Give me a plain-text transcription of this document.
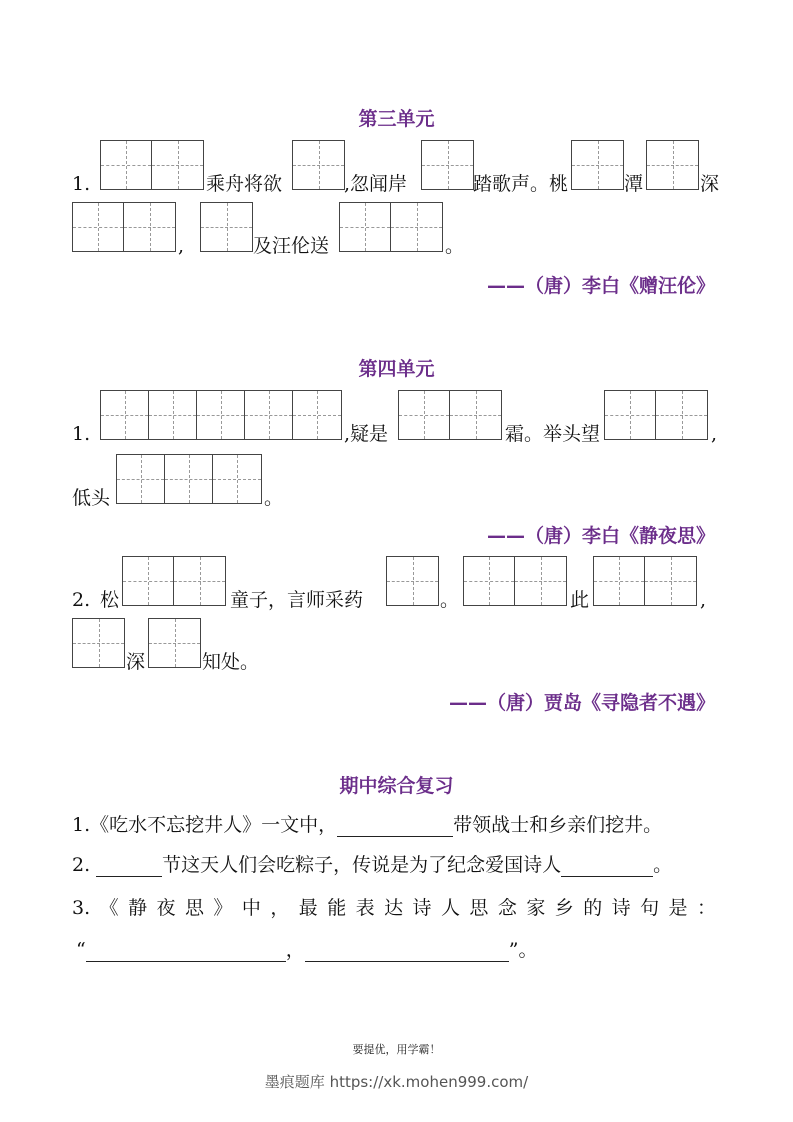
第三单元
1.	乘舟将欲	,忽闻岸	踏歌声。桃	潭	深
,	及汪伦送	。
——（唐）李白《赠汪伦》
第四单元
1.	,疑是	霜。举头望	,
低头	。
——（唐）李白《静夜思》
2. 松	童子，言师采药	。	此	,
深	知处。
——（唐）贾岛《寻隐者不遇》
期中综合复习
1.《吃水不忘挖井人》一文中，	带领战士和乡亲们挖井。
2.	节这天人们会吃粽子，传说是为了纪念爱国诗人	。
3. 《静夜思》中，最能表达诗人思念家乡的诗句是：
“	，	”。
要提优，用学霸！
墨痕题库 https://xk.mohen999.com/
